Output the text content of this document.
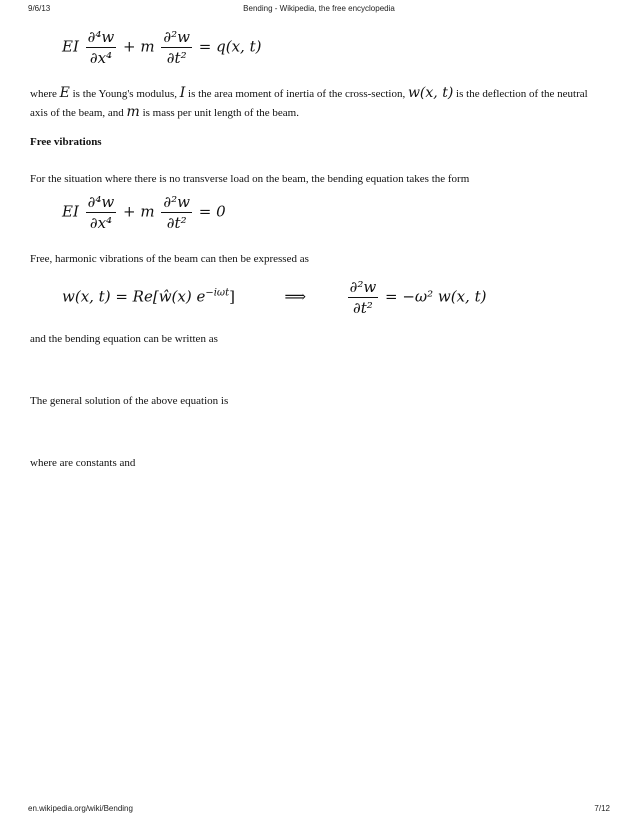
9/6/13	Bending - Wikipedia, the free encyclopedia
EI $\frac{\text{∂⁴w}}{\text{∂x⁴}} + m \frac{\text{∂²w}}{\text{∂t²}} = q(x$, t)
where E is the Young's modulus, I is the area moment of inertia of the cross-section, w(x, t) is the deflection of the neutral axis of the beam, and m is mass per unit length of the beam.
Free vibrations
For the situation where there is no transverse load on the beam, the bending equation takes the form
EI $\frac{\text{∂⁴w}}{\text{∂x⁴}} + m \frac{\text{∂²w}}{\text{∂t²}} = 0$
Free, harmonic vibrations of the beam can then be expressed as
w(x, t) = Re[ŵ(x) $e^{-i\omega t}$]	⟹	$\frac{\text{∂²w}}{\text{∂t²}} = -\omega^2$ w(x, t)
and the bending equation can be written as
The general solution of the above equation is
where are constants and
en.wikipedia.org/wiki/Bending	7/12
